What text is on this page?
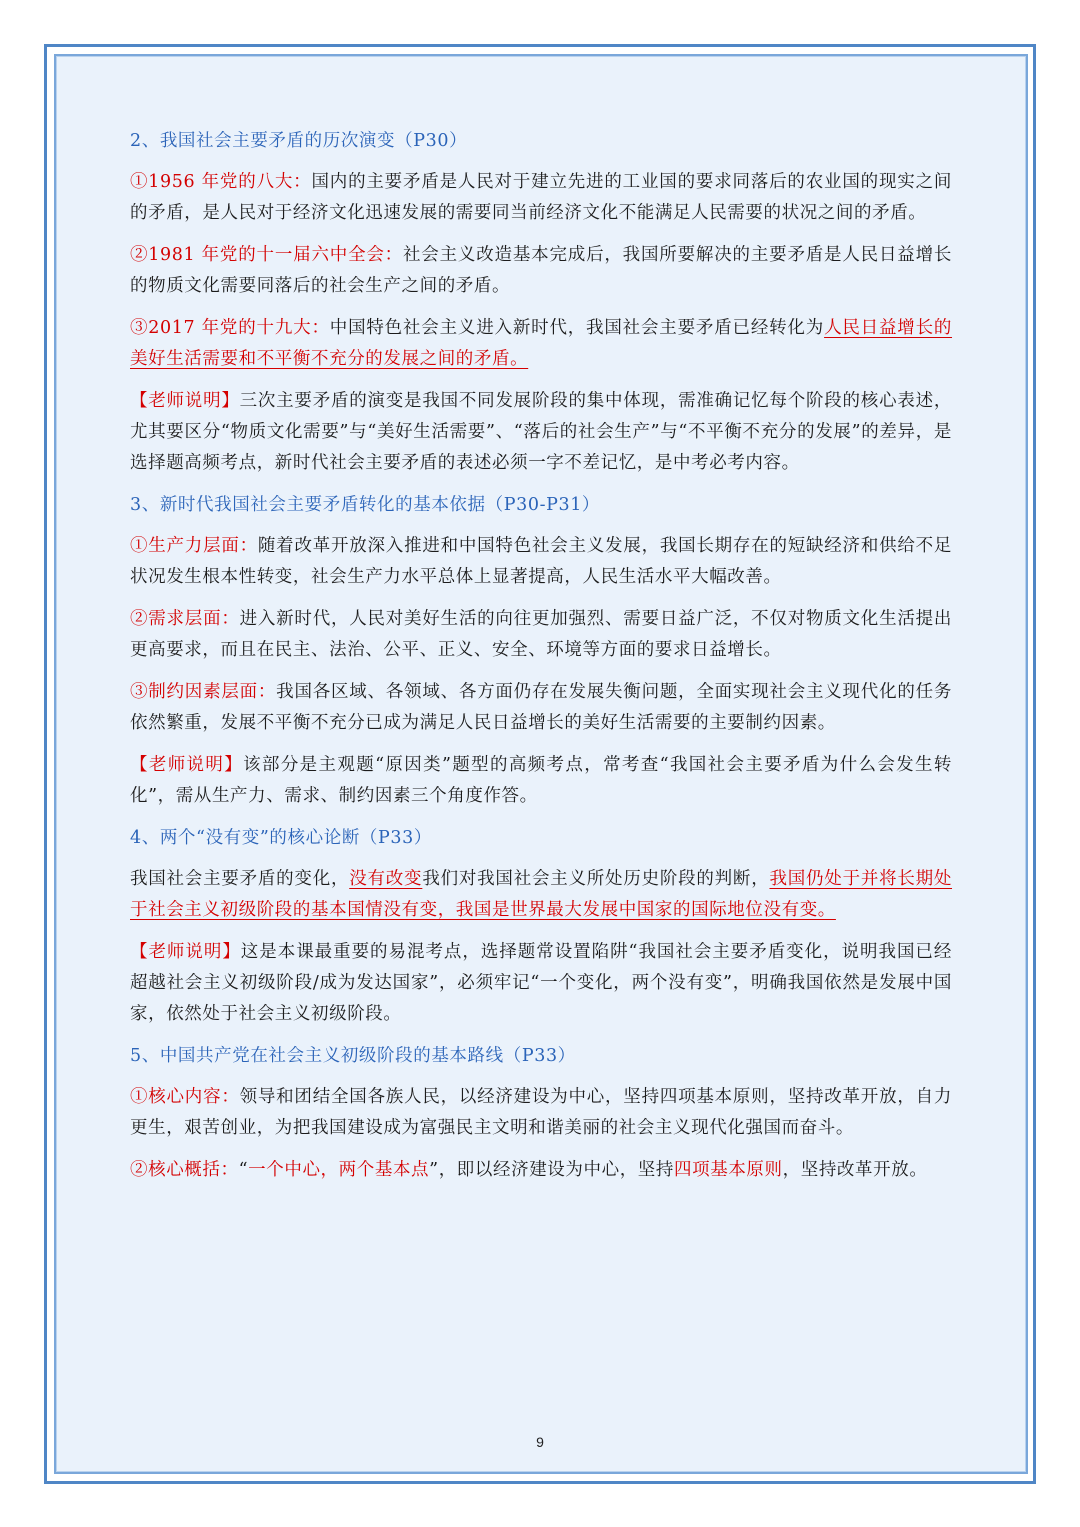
2、我国社会主要矛盾的历次演变（P30）

①1956 年党的八大：国内的主要矛盾是人民对于建立先进的工业国的要求同落后的农业国的现实之间的矛盾，是人民对于经济文化迅速发展的需要同当前经济文化不能满足人民需要的状况之间的矛盾。

②1981 年党的十一届六中全会：社会主义改造基本完成后，我国所要解决的主要矛盾是人民日益增长的物质文化需要同落后的社会生产之间的矛盾。

③2017 年党的十九大：中国特色社会主义进入新时代，我国社会主要矛盾已经转化为人民日益增长的美好生活需要和不平衡不充分的发展之间的矛盾。

【老师说明】三次主要矛盾的演变是我国不同发展阶段的集中体现，需准确记忆每个阶段的核心表述，尤其要区分“物质文化需要”与“美好生活需要”、“落后的社会生产”与“不平衡不充分的发展”的差异，是选择题高频考点，新时代社会主要矛盾的表述必须一字不差记忆，是中考必考内容。

3、新时代我国社会主要矛盾转化的基本依据（P30-P31）

①生产力层面：随着改革开放深入推进和中国特色社会主义发展，我国长期存在的短缺经济和供给不足状况发生根本性转变，社会生产力水平总体上显著提高，人民生活水平大幅改善。

②需求层面：进入新时代，人民对美好生活的向往更加强烈、需要日益广泛，不仅对物质文化生活提出更高要求，而且在民主、法治、公平、正义、安全、环境等方面的要求日益增长。

③制约因素层面：我国各区域、各领域、各方面仍存在发展失衡问题，全面实现社会主义现代化的任务依然繁重，发展不平衡不充分已成为满足人民日益增长的美好生活需要的主要制约因素。

【老师说明】该部分是主观题“原因类”题型的高频考点，常考查“我国社会主要矛盾为什么会发生转化”，需从生产力、需求、制约因素三个角度作答。

4、两个“没有变”的核心论断（P33）

我国社会主要矛盾的变化，没有改变我们对我国社会主义所处历史阶段的判断，我国仍处于并将长期处于社会主义初级阶段的基本国情没有变，我国是世界最大发展中国家的国际地位没有变。

【老师说明】这是本课最重要的易混考点，选择题常设置陷阱“我国社会主要矛盾变化，说明我国已经超越社会主义初级阶段/成为发达国家”，必须牢记“一个变化，两个没有变”，明确我国依然是发展中国家，依然处于社会主义初级阶段。

5、中国共产党在社会主义初级阶段的基本路线（P33）

①核心内容：领导和团结全国各族人民，以经济建设为中心，坚持四项基本原则，坚持改革开放，自力更生，艰苦创业，为把我国建设成为富强民主文明和谐美丽的社会主义现代化强国而奋斗。

②核心概括：“一个中心，两个基本点”，即以经济建设为中心，坚持四项基本原则，坚持改革开放。

9
